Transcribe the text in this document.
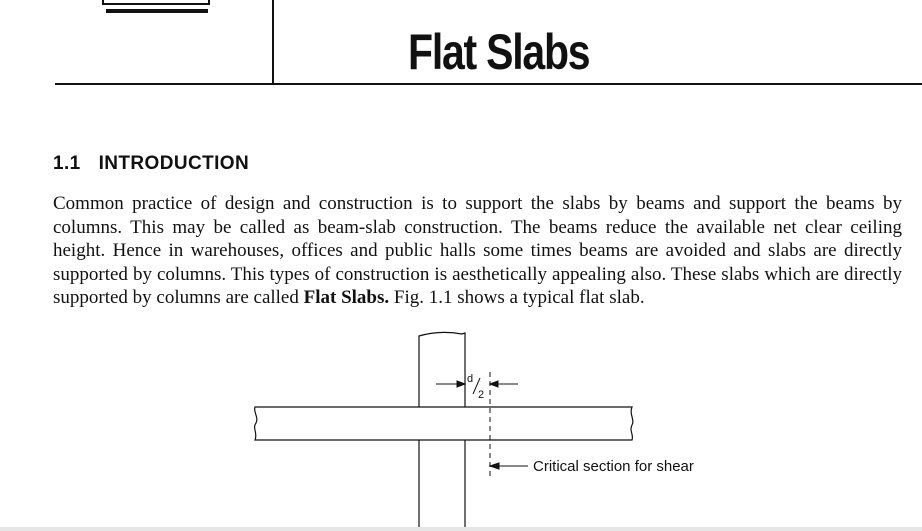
Flat Slabs
1.1 INTRODUCTION

Common practice of design and construction is to support the slabs by beams and support the beams by columns. This may be called as beam-slab construction. The beams reduce the available net clear ceiling height. Hence in warehouses, offices and public halls some times beams are avoided and slabs are directly supported by columns. This types of construction is aesthetically appealing also. These slabs which are directly supported by columns are called Flat Slabs. Fig. 1.1 shows a typical flat slab.

d
2
Critical section for shear
